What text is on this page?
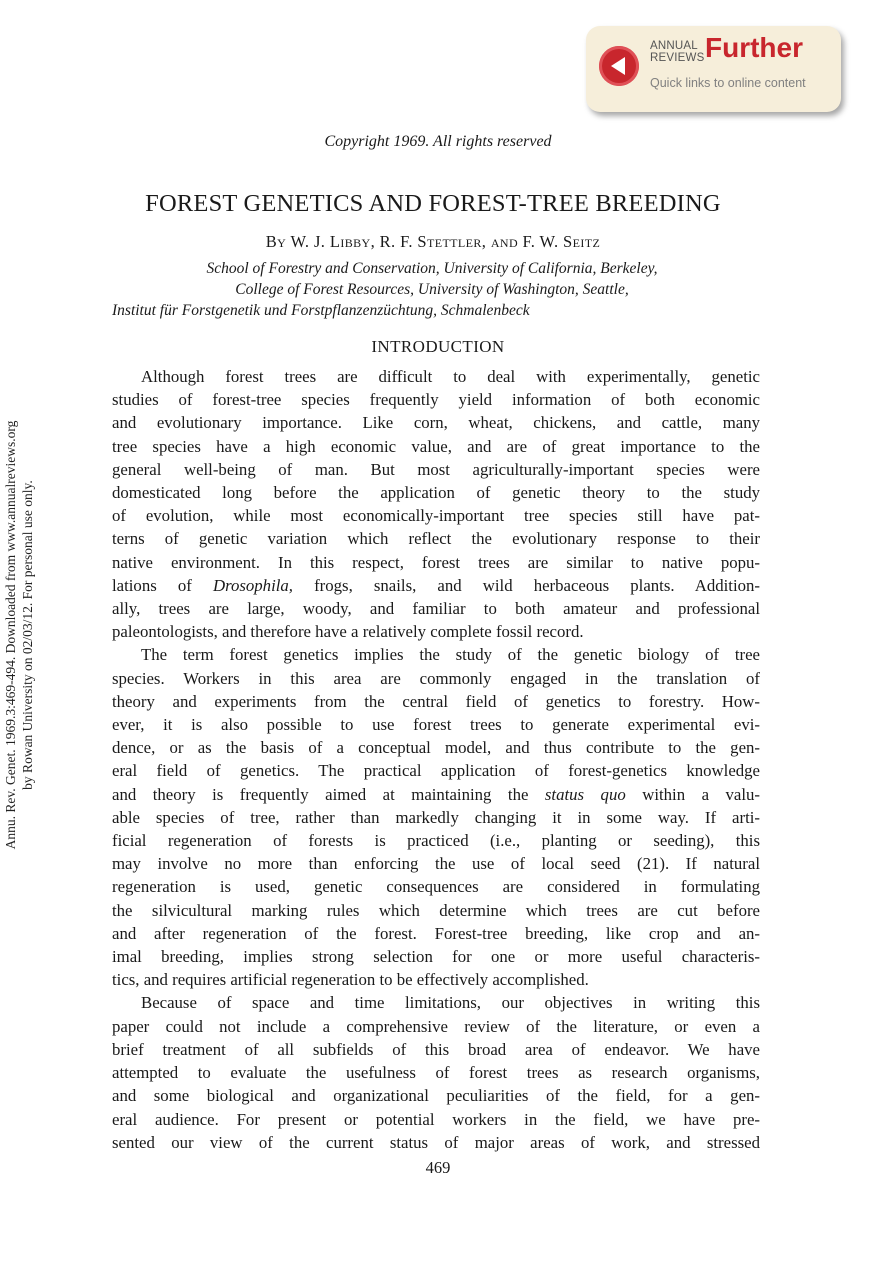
ANNUAL
REVIEWS Further
Quick links to online content
Annu. Rev. Genet. 1969.3:469-494. Downloaded from www.annualreviews.org by Rowan University on 02/03/12. For personal use only.
Copyright 1969. All rights reserved
FOREST GENETICS AND FOREST-TREE BREEDING
By W. J. Libby, R. F. Stettler, and F. W. Seitz
School of Forestry and Conservation, University of California, Berkeley,
College of Forest Resources, University of Washington, Seattle,
Institut für Forstgenetik und Forstpflanzenzüchtung, Schmalenbeck
INTRODUCTION
Although forest trees are difficult to deal with experimentally, genetic
studies of forest-tree species frequently yield information of both economic
and evolutionary importance. Like corn, wheat, chickens, and cattle, many
tree species have a high economic value, and are of great importance to the
general well-being of man. But most agriculturally-important species were
domesticated long before the application of genetic theory to the study
of evolution, while most economically-important tree species still have pat-
terns of genetic variation which reflect the evolutionary response to their
native environment. In this respect, forest trees are similar to native popu-
lations of Drosophila, frogs, snails, and wild herbaceous plants. Addition-
ally, trees are large, woody, and familiar to both amateur and professional
paleontologists, and therefore have a relatively complete fossil record.
The term forest genetics implies the study of the genetic biology of tree
species. Workers in this area are commonly engaged in the translation of
theory and experiments from the central field of genetics to forestry. How-
ever, it is also possible to use forest trees to generate experimental evi-
dence, or as the basis of a conceptual model, and thus contribute to the gen-
eral field of genetics. The practical application of forest-genetics knowledge
and theory is frequently aimed at maintaining the status quo within a valu-
able species of tree, rather than markedly changing it in some way. If arti-
ficial regeneration of forests is practiced (i.e., planting or seeding), this
may involve no more than enforcing the use of local seed (21). If natural
regeneration is used, genetic consequences are considered in formulating
the silvicultural marking rules which determine which trees are cut before
and after regeneration of the forest. Forest-tree breeding, like crop and an-
imal breeding, implies strong selection for one or more useful characteris-
tics, and requires artificial regeneration to be effectively accomplished.
Because of space and time limitations, our objectives in writing this
paper could not include a comprehensive review of the literature, or even a
brief treatment of all subfields of this broad area of endeavor. We have
attempted to evaluate the usefulness of forest trees as research organisms,
and some biological and organizational peculiarities of the field, for a gen-
eral audience. For present or potential workers in the field, we have pre-
sented our view of the current status of major areas of work, and stressed
469
